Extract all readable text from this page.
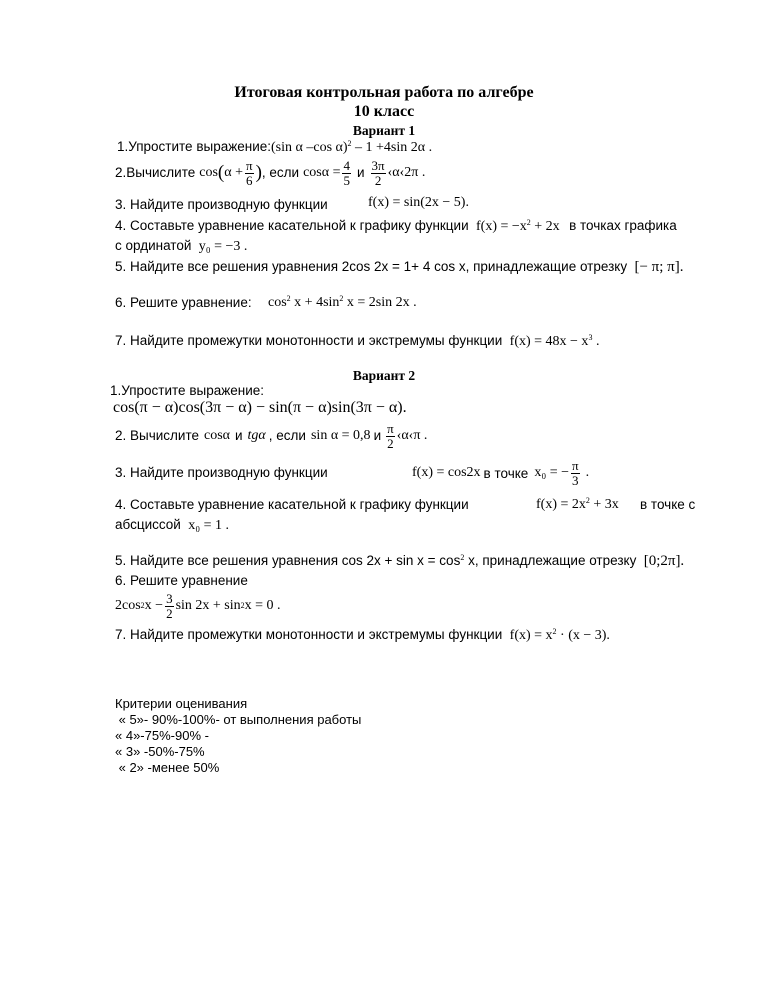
Итоговая контрольная работа по алгебре
10 класс
Вариант 1
1.Упростите выражение:(sin α –cos α)$^2$ – 1 +4sin 2α .
2.Вычислите cos ( $\alpha + \frac{\pi}{6}$ ) , если $\cos\alpha = \frac{4}{5}$ и $\frac{3\pi}{2}$ ‹α‹2π .
3. Найдите производную функции	f(x) = sin(2x − 5).
4. Составьте уравнение касательной к графику функции $f(x) = -x^2 + 2x$ в точках графика
с ординатой y₀ = −3 .
5. Найдите все решения уравнения 2cos 2x = 1+ 4 cos x, принадлежащие отрезку [− π; π].
6. Решите уравнение: $\cos^2 x + 4\sin^2$ x = 2sin 2x .
7. Найдите промежутки монотонности и экстремумы функции $f(x) = 48x - x^3$ .
Вариант 2
1.Упростите выражение:
cos(π − α)cos(3π − α) − sin(π − α)sin(3π − α).
2. Вычислите cosα и tgα , если sin α = 0,8 и $\frac{\pi}{2}$ ‹α‹π .
3. Найдите производную функции	f(x) = cos2x в точке x₀ = − $\frac{\pi}{3}$ .
4. Составьте уравнение касательной к графику функции	$f(x) = 2x^2 + 3x$ в точке с
абсциссой x₀ = 1 .
5. Найдите все решения уравнения $\cos 2x + \sin x = \cos^2 x$, принадлежащие отрезку [0;2π].
6. Решите уравнение
2cos 2 $x - \frac{3}{2}$ sin 2x + sin 2 x = 0 .
7. Найдите промежутки монотонности и экстремумы функции $f(x) = x^2 \cdot (x - 3)$.
Критерии оценивания
« 5»- 90%-100%- от выполнения работы
« 4»-75%-90% -
« 3» -50%-75%
« 2» -менее 50%
